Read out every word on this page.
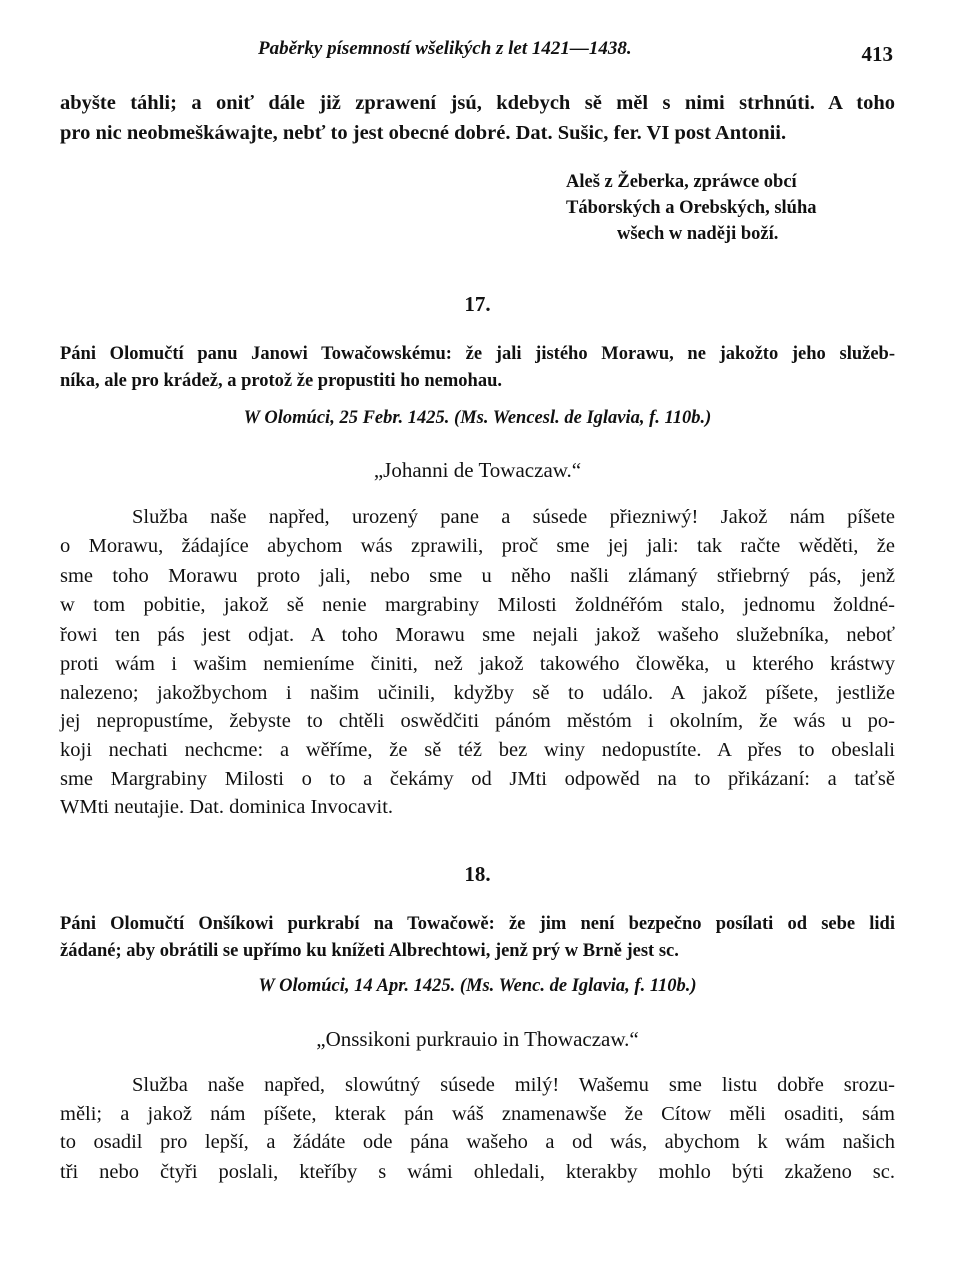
Paběrky písemností wšelikých z let 1421—1438.	413
abyšte táhli; a oniť dále již zprawení jsú, kdebych sě měl s nimi strhnúti. A toho
pro nic neobmeškáwajte, nebť to jest obecné dobré. Dat. Sušic, fer. VI post Antonii.
Aleš z Žeberka, zpráwce obcí
Táborských a Orebských, slúha
wšech w naději boží.
17.
Páni Olomučtí panu Janowi Towačowskému: že jali jistého Morawu, ne jakožto jeho služeb-
níka, ale pro krádež, a protož že propustiti ho nemohau.
W Olomúci, 25 Febr. 1425. (Ms. Wencesl. de Iglavia, f. 110b.)
„Johanni de Towaczaw.“
Služba naše napřed, urozený pane a súsede přiezniwý! Jakož nám píšete
o Morawu, žádajíce abychom wás zprawili, proč sme jej jali: tak račte wěděti, že
sme toho Morawu proto jali, nebo sme u něho našli zlámaný střiebrný pás, jenž
w tom pobitie, jakož sě nenie margrabiny Milosti žoldnéřóm stalo, jednomu žoldné-
řowi ten pás jest odjat. A toho Morawu sme nejali jakož wašeho služebníka, neboť
proti wám i wašim nemieníme činiti, než jakož takowého člowěka, u kterého krástwy
nalezeno; jakožbychom i našim učinili, kdyžby sě to událo. A jakož píšete, jestliže
jej nepropustíme, žebyste to chtěli oswědčiti pánóm městóm i okolním, že wás u po-
koji nechati nechcme: a wěříme, že sě též bez winy nedopustíte. A přes to obeslali
sme Margrabiny Milosti o to a čekámy od JMti odpowěd na to přikázaní: a taťsě
WMti neutajie. Dat. dominica Invocavit.
18.
Páni Olomučtí Onšíkowi purkrabí na Towačowě: že jim není bezpečno posílati od sebe lidi
žádané; aby obrátili se upřímo ku knížeti Albrechtowi, jenž prý w Brně jest sc.
W Olomúci, 14 Apr. 1425. (Ms. Wenc. de Iglavia, f. 110b.)
„Onssikoni purkrauio in Thowaczaw.“
Služba naše napřed, slowútný súsede milý! Wašemu sme listu dobře srozu-
měli; a jakož nám píšete, kterak pán wáš znamenawše že Cítow měli osaditi, sám
to osadil pro lepší, a žádáte ode pána wašeho a od wás, abychom k wám našich
tři nebo čtyři poslali, kteříby s wámi ohledali, kterakby mohlo býti zkaženo sc.
